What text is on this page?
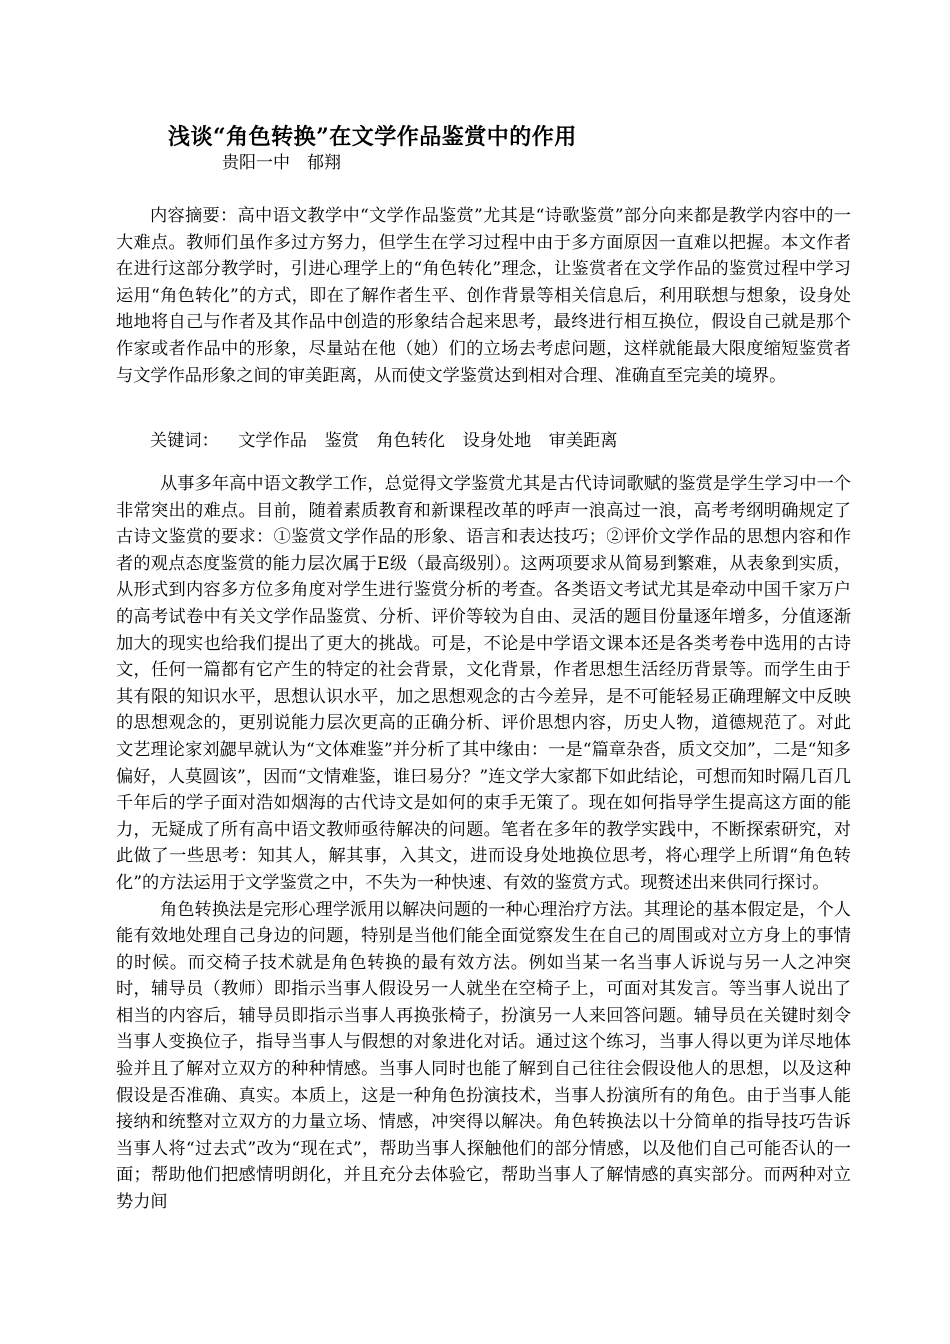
浅谈“角色转换”在文学作品鉴赏中的作用
贵阳一中　郁翔

内容摘要：高中语文教学中“文学作品鉴赏”尤其是“诗歌鉴赏”部分向来都是教学内容中的一大难点。教师们虽作多过方努力，但学生在学习过程中由于多方面原因一直难以把握。本文作者在进行这部分教学时，引进心理学上的“角色转化”理念，让鉴赏者在文学作品的鉴赏过程中学习运用“角色转化”的方式，即在了解作者生平、创作背景等相关信息后，利用联想与想象，设身处地地将自己与作者及其作品中创造的形象结合起来思考，最终进行相互换位，假设自己就是那个作家或者作品中的形象，尽量站在他（她）们的立场去考虑问题，这样就能最大限度缩短鉴赏者与文学作品形象之间的审美距离，从而使文学鉴赏达到相对合理、准确直至完美的境界。

关键词： 文学作品 鉴赏 角色转化 设身处地 审美距离

从事多年高中语文教学工作，总觉得文学鉴赏尤其是古代诗词歌赋的鉴赏是学生学习中一个非常突出的难点。目前，随着素质教育和新课程改革的呼声一浪高过一浪，高考考纲明确规定了古诗文鉴赏的要求：①鉴赏文学作品的形象、语言和表达技巧；②评价文学作品的思想内容和作者的观点态度鉴赏的能力层次属于E级（最高级别）。这两项要求从简易到繁难，从表象到实质，从形式到内容多方位多角度对学生进行鉴赏分析的考查。各类语文考试尤其是牵动中国千家万户的高考试卷中有关文学作品鉴赏、分析、评价等较为自由、灵活的题目份量逐年增多，分值逐渐加大的现实也给我们提出了更大的挑战。可是，不论是中学语文课本还是各类考卷中选用的古诗文，任何一篇都有它产生的特定的社会背景，文化背景，作者思想生活经历背景等。而学生由于其有限的知识水平，思想认识水平，加之思想观念的古今差异，是不可能轻易正确理解文中反映的思想观念的，更别说能力层次更高的正确分析、评价思想内容，历史人物，道德规范了。对此文艺理论家刘勰早就认为“文体难鉴”并分析了其中缘由：一是“篇章杂沓，质文交加”，二是“知多偏好，人莫圆该”，因而“文情难鉴，谁曰易分？”连文学大家都下如此结论，可想而知时隔几百几千年后的学子面对浩如烟海的古代诗文是如何的束手无策了。现在如何指导学生提高这方面的能力，无疑成了所有高中语文教师亟待解决的问题。笔者在多年的教学实践中，不断探索研究，对此做了一些思考：知其人，解其事，入其文，进而设身处地换位思考，将心理学上所谓“角色转化”的方法运用于文学鉴赏之中，不失为一种快速、有效的鉴赏方式。现赘述出来供同行探讨。

角色转换法是完形心理学派用以解决问题的一种心理治疗方法。其理论的基本假定是，个人能有效地处理自己身边的问题，特别是当他们能全面觉察发生在自己的周围或对立方身上的事情的时候。而交椅子技术就是角色转换的最有效方法。例如当某一名当事人诉说与另一人之冲突时，辅导员（教师）即指示当事人假设另一人就坐在空椅子上，可面对其发言。等当事人说出了相当的内容后，辅导员即指示当事人再换张椅子，扮演另一人来回答问题。辅导员在关键时刻令当事人变换位子，指导当事人与假想的对象进化对话。通过这个练习，当事人得以更为详尽地体验并且了解对立双方的种种情感。当事人同时也能了解到自己往往会假设他人的思想，以及这种假设是否准确、真实。本质上，这是一种角色扮演技术，当事人扮演所有的角色。由于当事人能接纳和统整对立双方的力量立场、情感，冲突得以解决。角色转换法以十分简单的指导技巧告诉当事人将“过去式”改为“现在式”，帮助当事人探触他们的部分情感，以及他们自己可能否认的一面；帮助他们把感情明朗化，并且充分去体验它，帮助当事人了解情感的真实部分。而两种对立势力间
